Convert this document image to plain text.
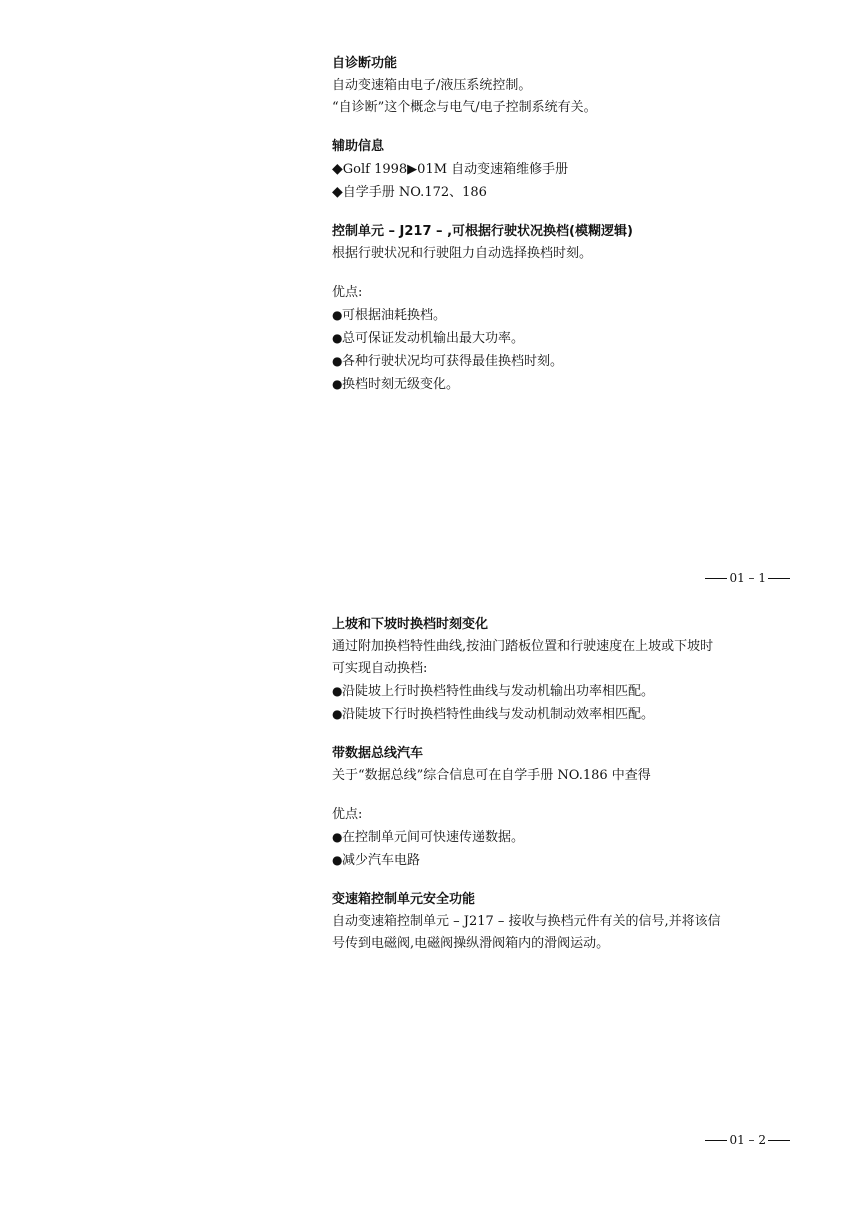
自诊断功能
自动变速箱由电子/液压系统控制。
“自诊断”这个概念与电气/电子控制系统有关。
辅助信息
◆Golf 1998▶01M 自动变速箱维修手册
◆自学手册 NO.172、186
控制单元 – J217 – ,可根据行驶状况换档(模糊逻辑)
根据行驶状况和行驶阻力自动选择换档时刻。
优点:
●可根据油耗换档。
●总可保证发动机输出最大功率。
●各种行驶状况均可获得最佳换档时刻。
●换档时刻无级变化。
01 – 1
上坡和下坡时换档时刻变化
通过附加换档特性曲线,按油门踏板位置和行驶速度在上坡或下坡时
可实现自动换档:
●沿陡坡上行时换档特性曲线与发动机输出功率相匹配。
●沿陡坡下行时换档特性曲线与发动机制动效率相匹配。
带数据总线汽车
关于“数据总线”综合信息可在自学手册 NO.186 中查得
优点:
●在控制单元间可快速传递数据。
●减少汽车电路
变速箱控制单元安全功能
自动变速箱控制单元 – J217 – 接收与换档元件有关的信号,并将该信
号传到电磁阀,电磁阀操纵滑阀箱内的滑阀运动。
01 – 2
